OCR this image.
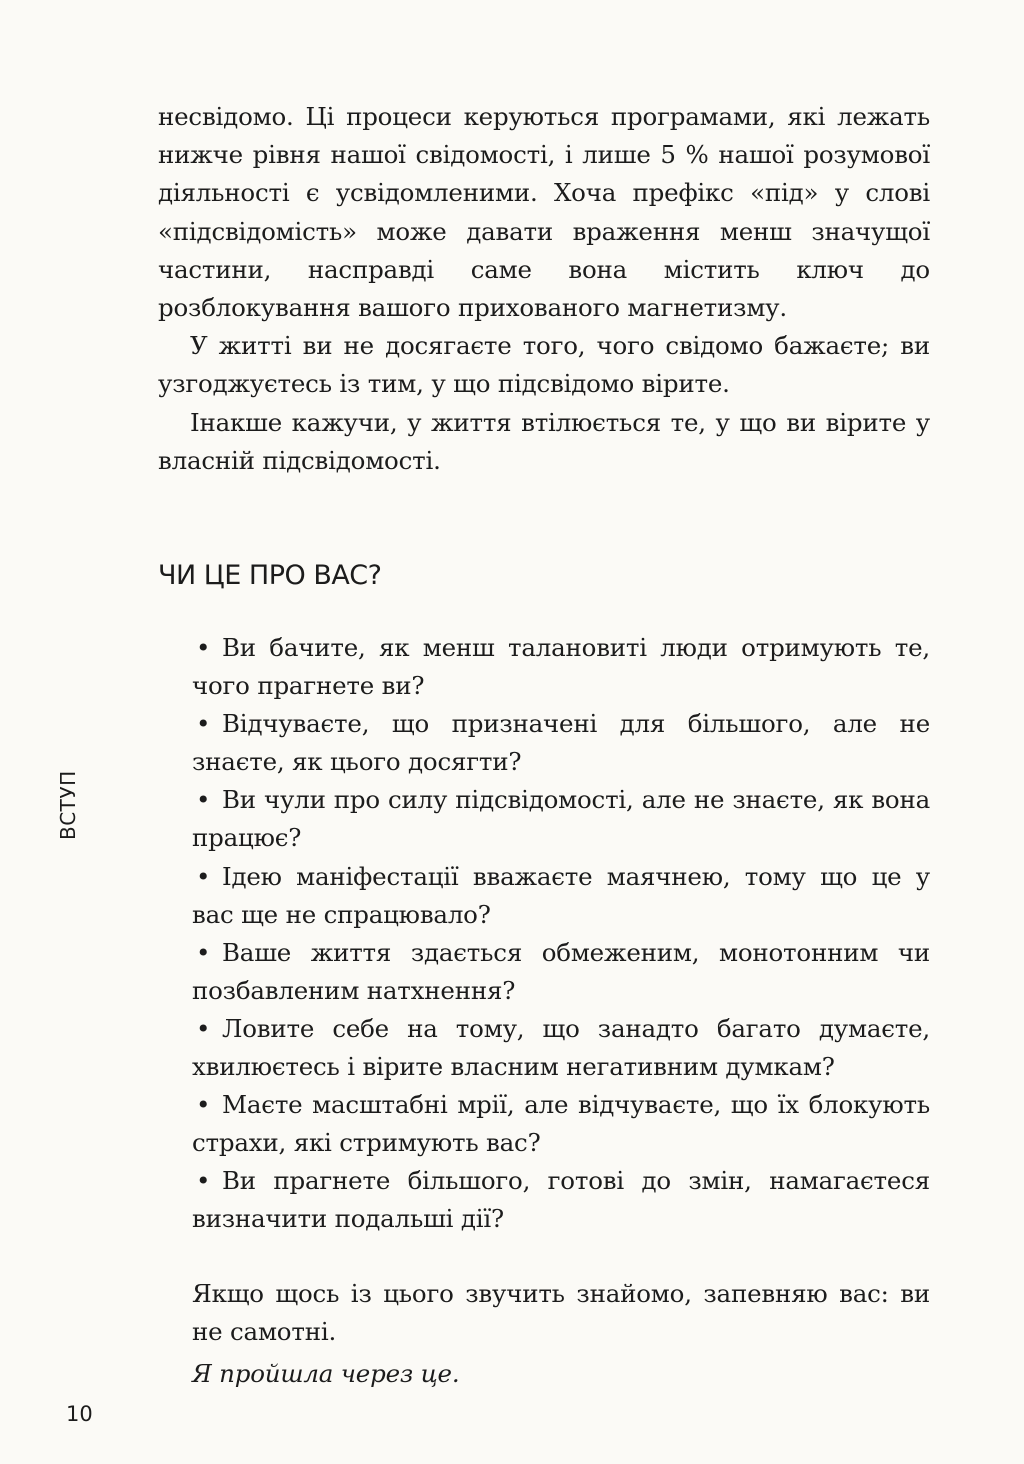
несвідомо. Ці процеси керуються програмами, які лежать нижче рівня нашої свідомості, і лише 5 % нашої розумової діяльності є усвідомленими. Хоча префікс «під» у слові «підсвідомість» може давати враження менш значущої частини, насправді саме вона містить ключ до розблокування вашого прихованого магнетизму.

У житті ви не досягаєте того, чого свідомо бажаєте; ви узгоджуєтесь із тим, у що підсвідомо вірите.

Інакше кажучи, у життя втілюється те, у що ви вірите у власній підсвідомості.

ЧИ ЦЕ ПРО ВАС?
• Ви бачите, як менш талановиті люди отримують те, чого прагнете ви?
• Відчуваєте, що призначені для більшого, але не знаєте, як цього досягти?
• Ви чули про силу підсвідомості, але не знаєте, як вона працює?
• Ідею маніфестації вважаєте маячнею, тому що це у вас ще не спрацювало?
• Ваше життя здається обмеженим, монотонним чи позбавленим натхнення?
• Ловите себе на тому, що занадто багато думаєте, хвилюєтесь і вірите власним негативним думкам?
• Маєте масштабні мрії, але відчуваєте, що їх блокують страхи, які стримують вас?
• Ви прагнете більшого, готові до змін, намагаєтеся визначити подальші дії?

Якщо щось із цього звучить знайомо, запевняю вас: ви не самотні.

Я пройшла через це.

ВСТУП
10
